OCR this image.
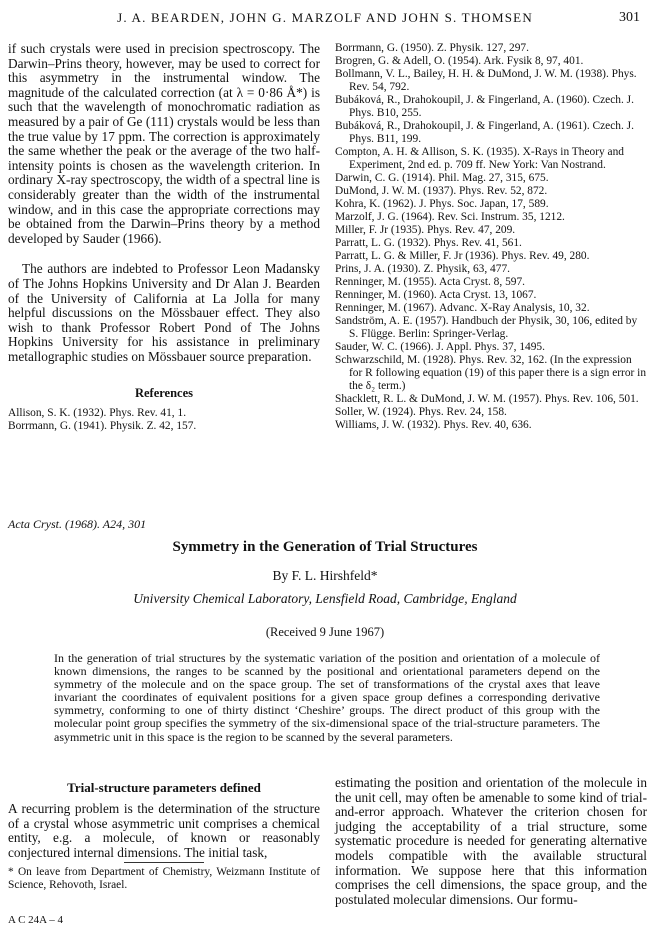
J. A. BEARDEN, JOHN G. MARZOLF AND JOHN S. THOMSEN	301

if such crystals were used in precision spectroscopy. The Darwin–Prins theory, however, may be used to correct for this asymmetry in the instrumental window. The magnitude of the calculated correction (at λ = 0·86 Å*) is such that the wavelength of monochromatic radiation as measured by a pair of Ge (111) crystals would be less than the true value by 17 ppm. The correction is approximately the same whether the peak or the average of the two half-intensity points is chosen as the wavelength criterion. In ordinary X-ray spectroscopy, the width of a spectral line is considerably greater than the width of the instrumental window, and in this case the appropriate corrections may be obtained from the Darwin–Prins theory by a method developed by Sauder (1966).

The authors are indebted to Professor Leon Madansky of The Johns Hopkins University and Dr Alan J. Bearden of the University of California at La Jolla for many helpful discussions on the Mössbauer effect. They also wish to thank Professor Robert Pond of The Johns Hopkins University for his assistance in preliminary metallographic studies on Mössbauer source preparation.

References
Allison, S. K. (1932). Phys. Rev. 41, 1.
Borrmann, G. (1941). Physik. Z. 42, 157.
Borrmann, G. (1950). Z. Physik. 127, 297.
Brogren, G. & Adell, O. (1954). Ark. Fysik 8, 97, 401.
Bollmann, V. L., Bailey, H. H. & DuMond, J. W. M. (1938). Phys. Rev. 54, 792.
Bubáková, R., Drahokoupil, J. & Fingerland, A. (1960). Czech. J. Phys. B10, 255.
Bubáková, R., Drahokoupil, J. & Fingerland, A. (1961). Czech. J. Phys. B11, 199.
Compton, A. H. & Allison, S. K. (1935). X-Rays in Theory and Experiment, 2nd ed. p. 709 ff. New York: Van Nostrand.
Darwin, C. G. (1914). Phil. Mag. 27, 315, 675.
DuMond, J. W. M. (1937). Phys. Rev. 52, 872.
Kohra, K. (1962). J. Phys. Soc. Japan, 17, 589.
Marzolf, J. G. (1964). Rev. Sci. Instrum. 35, 1212.
Miller, F. Jr (1935). Phys. Rev. 47, 209.
Parratt, L. G. (1932). Phys. Rev. 41, 561.
Parratt, L. G. & Miller, F. Jr (1936). Phys. Rev. 49, 280.
Prins, J. A. (1930). Z. Physik, 63, 477.
Renninger, M. (1955). Acta Cryst. 8, 597.
Renninger, M. (1960). Acta Cryst. 13, 1067.
Renninger, M. (1967). Advanc. X-Ray Analysis, 10, 32.
Sandström, A. E. (1957). Handbuch der Physik, 30, 106, edited by S. Flügge. Berlin: Springer-Verlag.
Sauder, W. C. (1966). J. Appl. Phys. 37, 1495.
Schwarzschild, M. (1928). Phys. Rev. 32, 162. (In the expression for R following equation (19) of this paper there is a sign error in the δ₂ term.)
Shacklett, R. L. & DuMond, J. W. M. (1957). Phys. Rev. 106, 501.
Soller, W. (1924). Phys. Rev. 24, 158.
Williams, J. W. (1932). Phys. Rev. 40, 636.
Acta Cryst. (1968). A24, 301
Symmetry in the Generation of Trial Structures
By F. L. Hirshfeld*
University Chemical Laboratory, Lensfield Road, Cambridge, England
(Received 9 June 1967)
In the generation of trial structures by the systematic variation of the position and orientation of a molecule of known dimensions, the ranges to be scanned by the positional and orientational parameters depend on the symmetry of the molecule and on the space group. The set of transformations of the crystal axes that leave invariant the coordinates of equivalent positions for a given space group defines a corresponding derivative symmetry, conforming to one of thirty distinct ‘Cheshire’ groups. The direct product of this group with the molecular point group specifies the symmetry of the six-dimensional space of the trial-structure parameters. The asymmetric unit in this space is the region to be scanned by the several parameters.
Trial-structure parameters defined
A recurring problem is the determination of the structure of a crystal whose asymmetric unit comprises a chemical entity, e.g. a molecule, of known or reasonably conjectured internal dimensions. The initial task,
estimating the position and orientation of the molecule in the unit cell, may often be amenable to some kind of trial-and-error approach. Whatever the criterion chosen for judging the acceptability of a trial structure, some systematic procedure is needed for generating alternative models compatible with the available structural information. We suppose here that this information comprises the cell dimensions, the space group, and the postulated molecular dimensions. Our formu-
* On leave from Department of Chemistry, Weizmann Institute of Science, Rehovoth, Israel.
A C 24A – 4
